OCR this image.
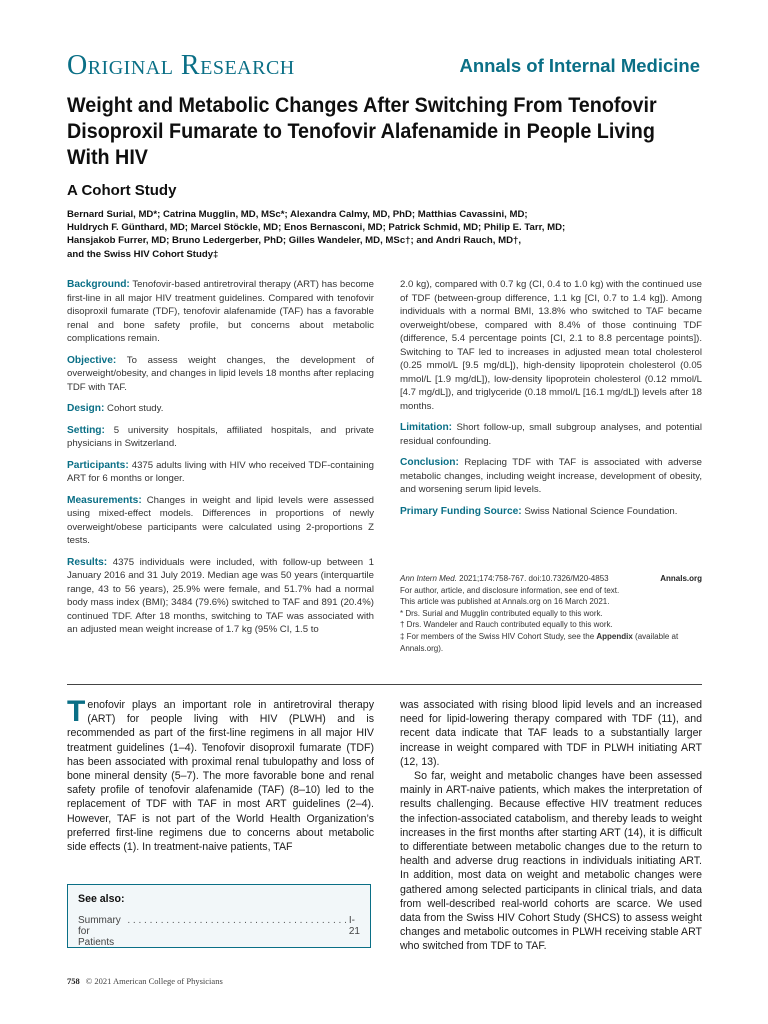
Original Research	Annals of Internal Medicine
Weight and Metabolic Changes After Switching From Tenofovir
Disoproxil Fumarate to Tenofovir Alafenamide in People Living
With HIV
A Cohort Study
Bernard Surial, MD*; Catrina Mugglin, MD, MSc*; Alexandra Calmy, MD, PhD; Matthias Cavassini, MD;
Huldrych F. Günthard, MD; Marcel Stöckle, MD; Enos Bernasconi, MD; Patrick Schmid, MD; Philip E. Tarr, MD;
Hansjakob Furrer, MD; Bruno Ledergerber, PhD; Gilles Wandeler, MD, MSc†; and Andri Rauch, MD†,
and the Swiss HIV Cohort Study‡

Background: Tenofovir-based antiretroviral therapy (ART) has become first-line in all major HIV treatment guidelines. Compared with tenofovir disoproxil fumarate (TDF), tenofovir alafenamide (TAF) has a favorable renal and bone safety profile, but concerns about metabolic complications remain.

Objective: To assess weight changes, the development of overweight/obesity, and changes in lipid levels 18 months after replacing TDF with TAF.

Design: Cohort study.

Setting: 5 university hospitals, affiliated hospitals, and private physicians in Switzerland.

Participants: 4375 adults living with HIV who received TDF-containing ART for 6 months or longer.

Measurements: Changes in weight and lipid levels were assessed using mixed-effect models. Differences in proportions of newly overweight/obese participants were calculated using 2-proportions Z tests.

Results: 4375 individuals were included, with follow-up between 1 January 2016 and 31 July 2019. Median age was 50 years (interquartile range, 43 to 56 years), 25.9% were female, and 51.7% had a normal body mass index (BMI); 3484 (79.6%) switched to TAF and 891 (20.4%) continued TDF. After 18 months, switching to TAF was associated with an adjusted mean weight increase of 1.7 kg (95% CI, 1.5 to

2.0 kg), compared with 0.7 kg (CI, 0.4 to 1.0 kg) with the continued use of TDF (between-group difference, 1.1 kg [CI, 0.7 to 1.4 kg]). Among individuals with a normal BMI, 13.8% who switched to TAF became overweight/obese, compared with 8.4% of those continuing TDF (difference, 5.4 percentage points [CI, 2.1 to 8.8 percentage points]). Switching to TAF led to increases in adjusted mean total cholesterol (0.25 mmol/L [9.5 mg/dL]), high-density lipoprotein cholesterol (0.05 mmol/L [1.9 mg/dL]), low-density lipoprotein cholesterol (0.12 mmol/L [4.7 mg/dL]), and triglyceride (0.18 mmol/L [16.1 mg/dL]) levels after 18 months.

Limitation: Short follow-up, small subgroup analyses, and potential residual confounding.

Conclusion: Replacing TDF with TAF is associated with adverse metabolic changes, including weight increase, development of obesity, and worsening serum lipid levels.

Primary Funding Source: Swiss National Science Foundation.

Ann Intern Med. 2021;174:758-767. doi:10.7326/M20-4853	Annals.org
For author, article, and disclosure information, see end of text.
This article was published at Annals.org on 16 March 2021.
* Drs. Surial and Mugglin contributed equally to this work.
† Drs. Wandeler and Rauch contributed equally to this work.
‡ For members of the Swiss HIV Cohort Study, see the Appendix (available at Annals.org).

Tenofovir plays an important role in antiretroviral therapy (ART) for people living with HIV (PLWH) and is recommended as part of the first-line regimens in all major HIV treatment guidelines (1–4). Tenofovir disoproxil fumarate (TDF) has been associated with proximal renal tubulopathy and loss of bone mineral density (5–7). The more favorable bone and renal safety profile of tenofovir alafenamide (TAF) (8–10) led to the replacement of TDF with TAF in most ART guidelines (2–4). However, TAF is not part of the World Health Organization’s preferred first-line regimens due to concerns about metabolic side effects (1). In treatment-naive patients, TAF

was associated with rising blood lipid levels and an increased need for lipid-lowering therapy compared with TDF (11), and recent data indicate that TAF leads to a substantially larger increase in weight compared with TDF in PLWH initiating ART (12, 13).

So far, weight and metabolic changes have been assessed mainly in ART-naive patients, which makes the interpretation of results challenging. Because effective HIV treatment reduces the infection-associated catabolism, and thereby leads to weight increases in the first months after starting ART (14), it is difficult to differentiate between metabolic changes due to the return to health and adverse drug reactions in individuals initiating ART. In addition, most data on weight and metabolic changes were gathered among selected participants in clinical trials, and data from well-described real-world cohorts are scarce. We used data from the Swiss HIV Cohort Study (SHCS) to assess weight changes and metabolic outcomes in PLWH receiving stable ART who switched from TDF to TAF.

See also:
Summary for Patients
. . . . . . . . . . . . . . . . . . . . . . . . . . . . . . . . . . . . . . . . I-21
758 © 2021 American College of Physicians
